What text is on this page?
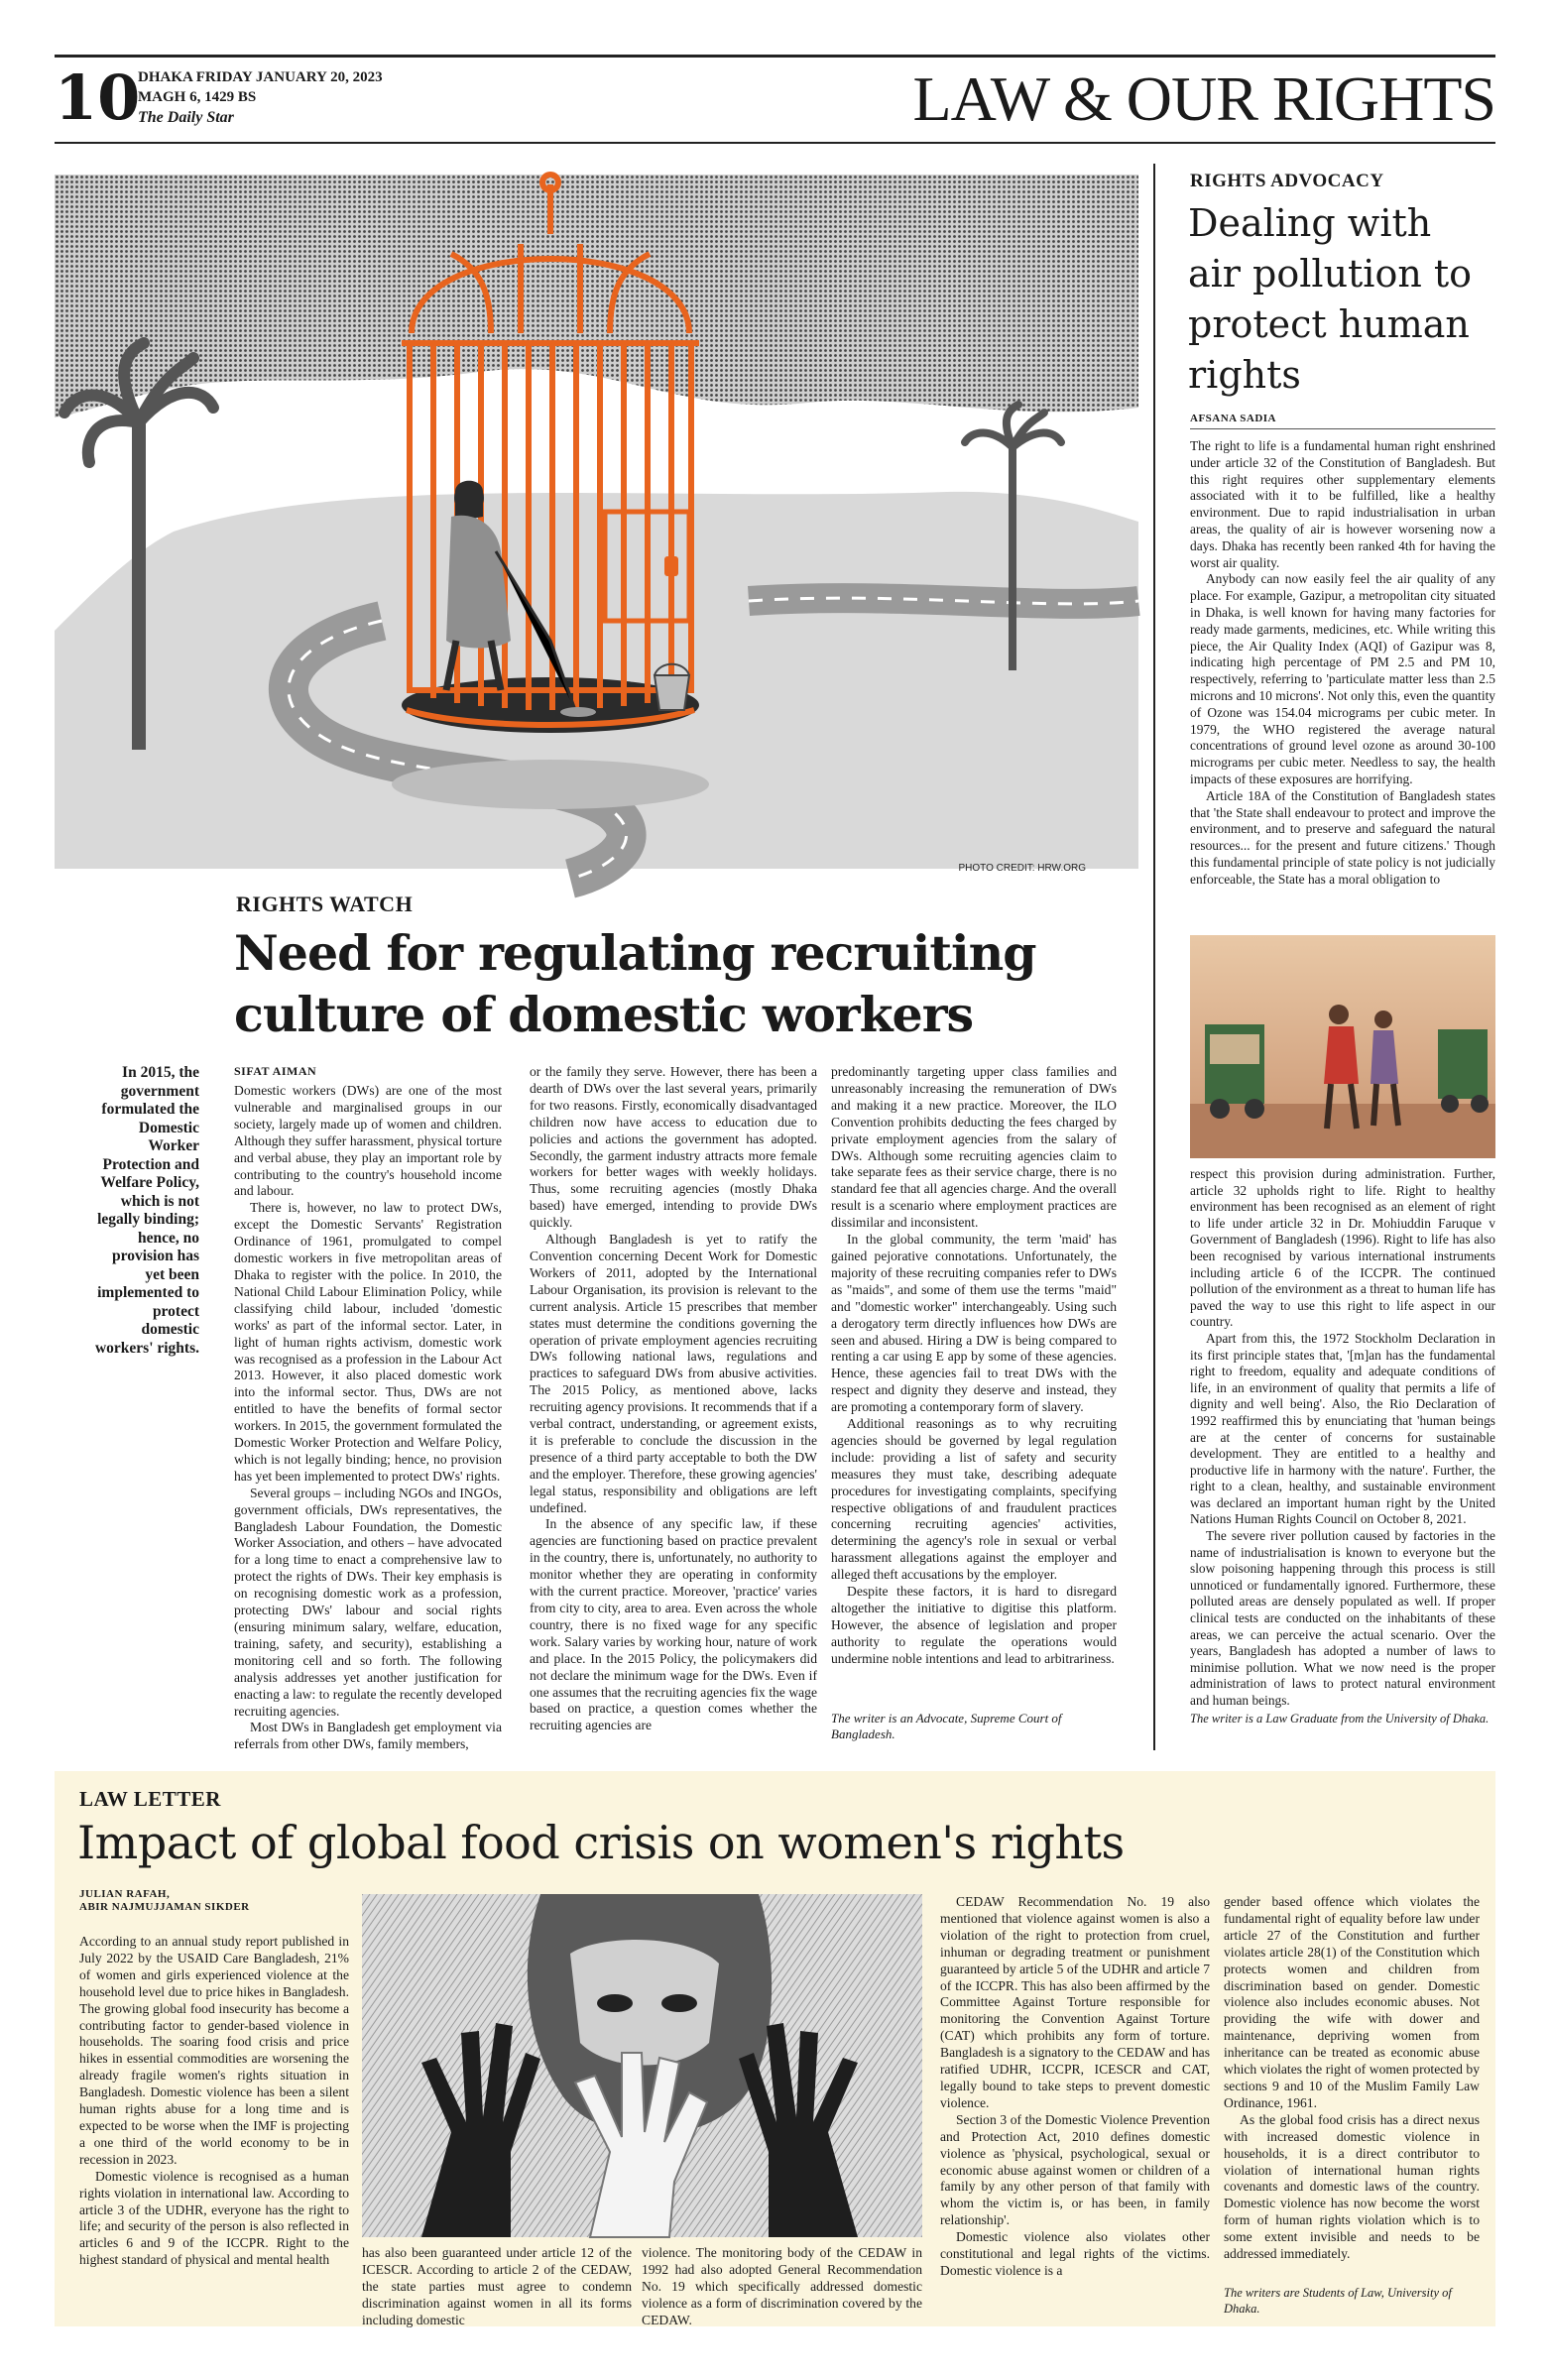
10
DHAKA FRIDAY JANUARY 20, 2023
MAGH 6, 1429 BS
The Daily Star	LAW & OUR RIGHTS
PHOTO CREDIT: HRW.ORG
RIGHTS WATCH
Need for regulating recruiting
culture of domestic workers
In 2015, the government formulated the Domestic Worker Protection and Welfare Policy, which is not legally binding; hence, no provision has yet been implemented to protect domestic workers' rights.
SIFAT AIMAN

Domestic workers (DWs) are one of the most vulnerable and marginalised groups in our society, largely made up of women and children. Although they suffer harassment, physical torture and verbal abuse, they play an important role by contributing to the country's household income and labour.

There is, however, no law to protect DWs, except the Domestic Servants' Registration Ordinance of 1961, promulgated to compel domestic workers in five metropolitan areas of Dhaka to register with the police. In 2010, the National Child Labour Elimination Policy, while classifying child labour, included 'domestic works' as part of the informal sector. Later, in light of human rights activism, domestic work was recognised as a profession in the Labour Act 2013. However, it also placed domestic work into the informal sector. Thus, DWs are not entitled to have the benefits of formal sector workers. In 2015, the government formulated the Domestic Worker Protection and Welfare Policy, which is not legally binding; hence, no provision has yet been implemented to protect DWs' rights.

Several groups – including NGOs and INGOs, government officials, DWs representatives, the Bangladesh Labour Foundation, the Domestic Worker Association, and others – have advocated for a long time to enact a comprehensive law to protect the rights of DWs. Their key emphasis is on recognising domestic work as a profession, protecting DWs' labour and social rights (ensuring minimum salary, welfare, education, training, safety, and security), establishing a monitoring cell and so forth. The following analysis addresses yet another justification for enacting a law: to regulate the recently developed recruiting agencies.

Most DWs in Bangladesh get employment via referrals from other DWs, family members,

or the family they serve. However, there has been a dearth of DWs over the last several years, primarily for two reasons. Firstly, economically disadvantaged children now have access to education due to policies and actions the government has adopted. Secondly, the garment industry attracts more female workers for better wages with weekly holidays. Thus, some recruiting agencies (mostly Dhaka based) have emerged, intending to provide DWs quickly.

Although Bangladesh is yet to ratify the Convention concerning Decent Work for Domestic Workers of 2011, adopted by the International Labour Organisation, its provision is relevant to the current analysis. Article 15 prescribes that member states must determine the conditions governing the operation of private employment agencies recruiting DWs following national laws, regulations and practices to safeguard DWs from abusive activities. The 2015 Policy, as mentioned above, lacks recruiting agency provisions. It recommends that if a verbal contract, understanding, or agreement exists, it is preferable to conclude the discussion in the presence of a third party acceptable to both the DW and the employer. Therefore, these growing agencies' legal status, responsibility and obligations are left undefined.

In the absence of any specific law, if these agencies are functioning based on practice prevalent in the country, there is, unfortunately, no authority to monitor whether they are operating in conformity with the current practice. Moreover, 'practice' varies from city to city, area to area. Even across the whole country, there is no fixed wage for any specific work. Salary varies by working hour, nature of work and place. In the 2015 Policy, the policymakers did not declare the minimum wage for the DWs. Even if one assumes that the recruiting agencies fix the wage based on practice, a question comes whether the recruiting agencies are

predominantly targeting upper class families and unreasonably increasing the remuneration of DWs and making it a new practice. Moreover, the ILO Convention prohibits deducting the fees charged by private employment agencies from the salary of DWs. Although some recruiting agencies claim to take separate fees as their service charge, there is no standard fee that all agencies charge. And the overall result is a scenario where employment practices are dissimilar and inconsistent.

In the global community, the term 'maid' has gained pejorative connotations. Unfortunately, the majority of these recruiting companies refer to DWs as "maids", and some of them use the terms "maid" and "domestic worker" interchangeably. Using such a derogatory term directly influences how DWs are seen and abused. Hiring a DW is being compared to renting a car using E app by some of these agencies. Hence, these agencies fail to treat DWs with the respect and dignity they deserve and instead, they are promoting a contemporary form of slavery.

Additional reasonings as to why recruiting agencies should be governed by legal regulation include: providing a list of safety and security measures they must take, describing adequate procedures for investigating complaints, specifying respective obligations of and fraudulent practices concerning recruiting agencies' activities, determining the agency's role in sexual or verbal harassment allegations against the employer and alleged theft accusations by the employer.

Despite these factors, it is hard to disregard altogether the initiative to digitise this platform. However, the absence of legislation and proper authority to regulate the operations would undermine noble intentions and lead to arbitrariness.

The writer is an Advocate, Supreme Court of Bangladesh.
RIGHTS ADVOCACY
Dealing with
air pollution to
protect human
rights
AFSANA SADIA

The right to life is a fundamental human right enshrined under article 32 of the Constitution of Bangladesh. But this right requires other supplementary elements associated with it to be fulfilled, like a healthy environment. Due to rapid industrialisation in urban areas, the quality of air is however worsening now a days. Dhaka has recently been ranked 4th for having the worst air quality.

Anybody can now easily feel the air quality of any place. For example, Gazipur, a metropolitan city situated in Dhaka, is well known for having many factories for ready made garments, medicines, etc. While writing this piece, the Air Quality Index (AQI) of Gazipur was 8, indicating high percentage of PM 2.5 and PM 10, respectively, referring to 'particulate matter less than 2.5 microns and 10 microns'. Not only this, even the quantity of Ozone was 154.04 micrograms per cubic meter. In 1979, the WHO registered the average natural concentrations of ground level ozone as around 30-100 micrograms per cubic meter. Needless to say, the health impacts of these exposures are horrifying.

Article 18A of the Constitution of Bangladesh states that 'the State shall endeavour to protect and improve the environment, and to preserve and safeguard the natural resources... for the present and future citizens.' Though this fundamental principle of state policy is not judicially enforceable, the State has a moral obligation to

respect this provision during administration. Further, article 32 upholds right to life. Right to healthy environment has been recognised as an element of right to life under article 32 in Dr. Mohiuddin Faruque v Government of Bangladesh (1996). Right to life has also been recognised by various international instruments including article 6 of the ICCPR. The continued pollution of the environment as a threat to human life has paved the way to use this right to life aspect in our country.

Apart from this, the 1972 Stockholm Declaration in its first principle states that, '[m]an has the fundamental right to freedom, equality and adequate conditions of life, in an environment of quality that permits a life of dignity and well being'. Also, the Rio Declaration of 1992 reaffirmed this by enunciating that 'human beings are at the center of concerns for sustainable development. They are entitled to a healthy and productive life in harmony with the nature'. Further, the right to a clean, healthy, and sustainable environment was declared an important human right by the United Nations Human Rights Council on October 8, 2021.

The severe river pollution caused by factories in the name of industrialisation is known to everyone but the slow poisoning happening through this process is still unnoticed or fundamentally ignored. Furthermore, these polluted areas are densely populated as well. If proper clinical tests are conducted on the inhabitants of these areas, we can perceive the actual scenario. Over the years, Bangladesh has adopted a number of laws to minimise pollution. What we now need is the proper administration of laws to protect natural environment and human beings.

The writer is a Law Graduate from the University of Dhaka.
LAW LETTER
Impact of global food crisis on women's rights
JULIAN RAFAH,
ABIR NAJMUJJAMAN SIKDER

According to an annual study report published in July 2022 by the USAID Care Bangladesh, 21% of women and girls experienced violence at the household level due to price hikes in Bangladesh. The growing global food insecurity has become a contributing factor to gender-based violence in households. The soaring food crisis and price hikes in essential commodities are worsening the already fragile women's rights situation in Bangladesh. Domestic violence has been a silent human rights abuse for a long time and is expected to be worse when the IMF is projecting a one third of the world economy to be in recession in 2023.

Domestic violence is recognised as a human rights violation in international law. According to article 3 of the UDHR, everyone has the right to life; and security of the person is also reflected in articles 6 and 9 of the ICCPR. Right to the highest standard of physical and mental health	has also been guaranteed under article 12 of the ICESCR. According to article 2 of the CEDAW, the state parties must agree to condemn discrimination against women in all its forms including domestic

violence. The monitoring body of the CEDAW in 1992 had also adopted General Recommendation No. 19 which specifically addressed domestic violence as a form of discrimination covered by the CEDAW.

CEDAW Recommendation No. 19 also mentioned that violence against women is also a violation of the right to protection from cruel, inhuman or degrading treatment or punishment guaranteed by article 5 of the UDHR and article 7 of the ICCPR. This has also been affirmed by the Committee Against Torture responsible for monitoring the Convention Against Torture (CAT) which prohibits any form of torture. Bangladesh is a signatory to the CEDAW and has ratified UDHR, ICCPR, ICESCR and CAT, legally bound to take steps to prevent domestic violence.

Section 3 of the Domestic Violence Prevention and Protection Act, 2010 defines domestic violence as 'physical, psychological, sexual or economic abuse against women or children of a family by any other person of that family with whom the victim is, or has been, in family relationship'.

Domestic violence also violates other constitutional and legal rights of the victims. Domestic violence is a

gender based offence which violates the fundamental right of equality before law under article 27 of the Constitution and further violates article 28(1) of the Constitution which protects women and children from discrimination based on gender. Domestic violence also includes economic abuses. Not providing the wife with dower and maintenance, depriving women from inheritance can be treated as economic abuse which violates the right of women protected by sections 9 and 10 of the Muslim Family Law Ordinance, 1961.

As the global food crisis has a direct nexus with increased domestic violence in households, it is a direct contributor to violation of international human rights covenants and domestic laws of the country. Domestic violence has now become the worst form of human rights violation which is to some extent invisible and needs to be addressed immediately.

The writers are Students of Law, University of Dhaka.
